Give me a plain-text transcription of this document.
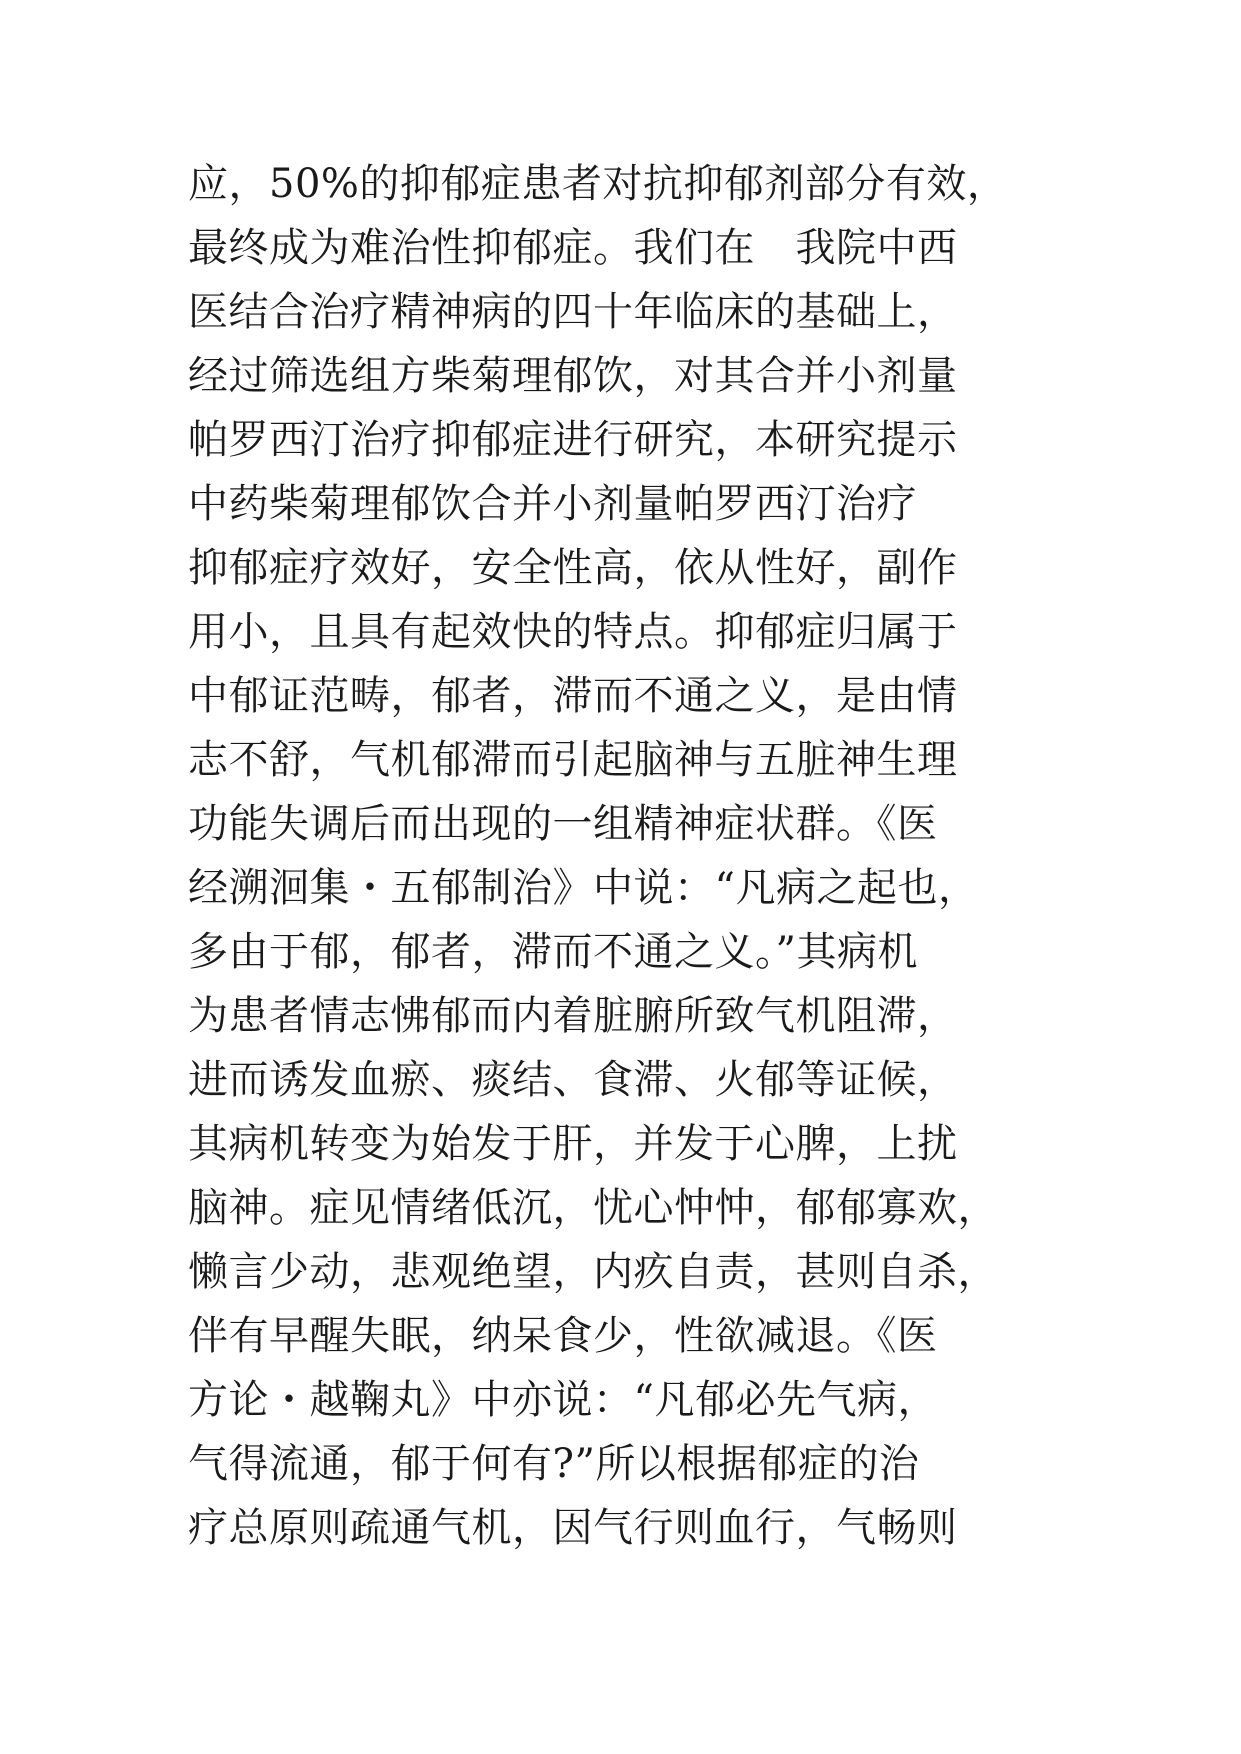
应，50%的抑郁症患者对抗抑郁剂部分有效，
最终成为难治性抑郁症。我们在　我院中西
医结合治疗精神病的四十年临床的基础上，
经过筛选组方柴菊理郁饮，对其合并小剂量
帕罗西汀治疗抑郁症进行研究，本研究提示
中药柴菊理郁饮合并小剂量帕罗西汀治疗
抑郁症疗效好，安全性高，依从性好，副作
用小，且具有起效快的特点。抑郁症归属于
中郁证范畴，郁者，滞而不通之义，是由情
志不舒，气机郁滞而引起脑神与五脏神生理
功能失调后而出现的一组精神症状群。《医
经溯洄集・五郁制治》中说：“凡病之起也，
多由于郁，郁者，滞而不通之义。”其病机
为患者情志怫郁而内着脏腑所致气机阻滞，
进而诱发血瘀、痰结、食滞、火郁等证候，
其病机转变为始发于肝，并发于心脾，上扰
脑神。症见情绪低沉，忧心忡忡，郁郁寡欢，
懒言少动，悲观绝望，内疚自责，甚则自杀，
伴有早醒失眠，纳呆食少，性欲减退。《医
方论・越鞠丸》中亦说：“凡郁必先气病，
气得流通，郁于何有?”所以根据郁症的治
疗总原则疏通气机，因气行则血行，气畅则
